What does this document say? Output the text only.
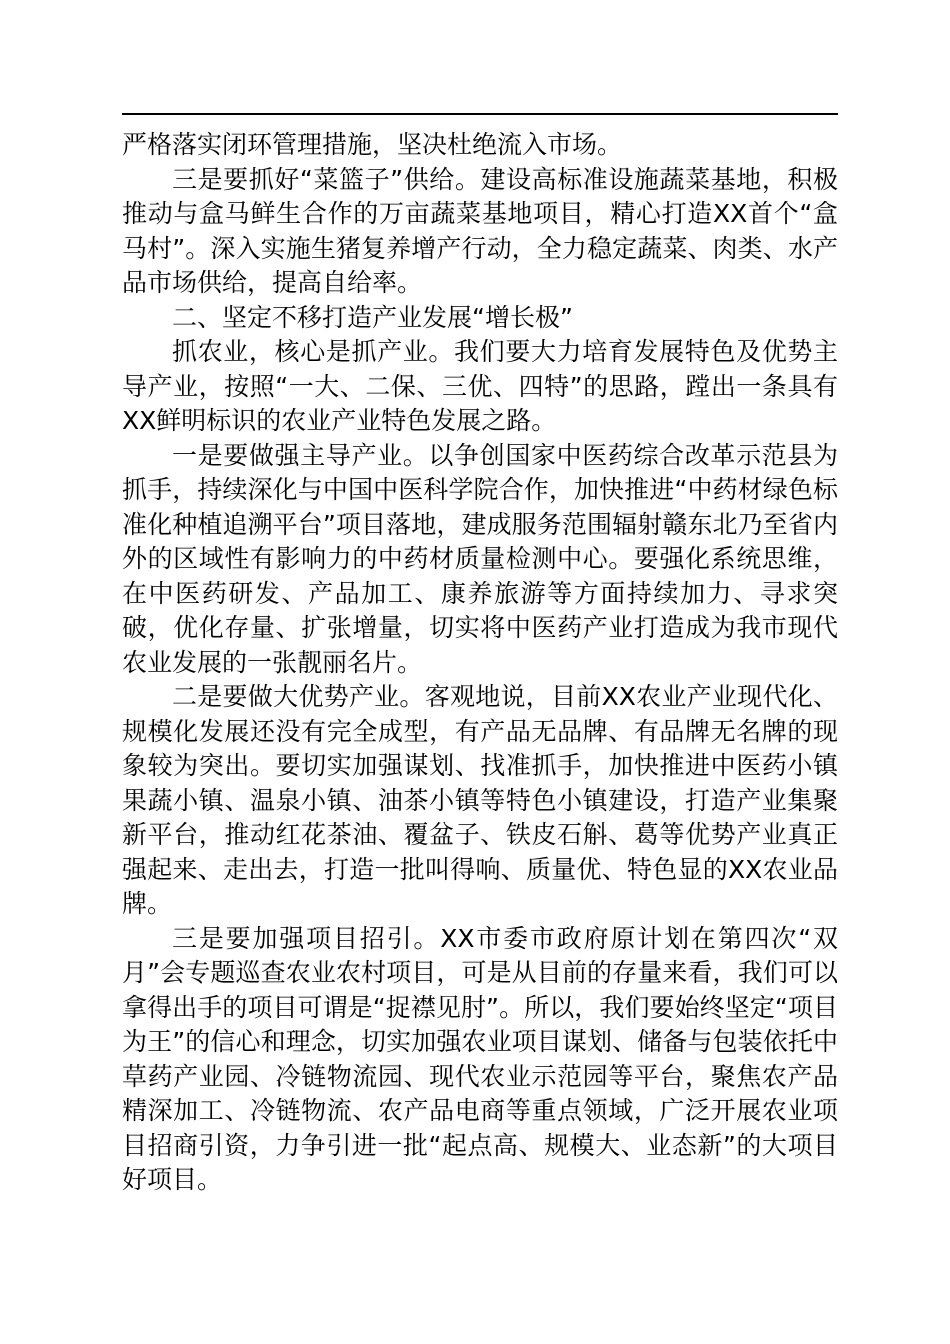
严格落实闭环管理措施，坚决杜绝流入市场。

三是要抓好“菜篮子”供给。建设高标准设施蔬菜基地，积极推动与盒马鲜生合作的万亩蔬菜基地项目，精心打造XX首个“盒马村”。深入实施生猪复养增产行动，全力稳定蔬菜、肉类、水产品市场供给，提高自给率。

二、坚定不移打造产业发展“增长极”

抓农业，核心是抓产业。我们要大力培育发展特色及优势主导产业，按照“一大、二保、三优、四特”的思路，蹚出一条具有XX鲜明标识的农业产业特色发展之路。

一是要做强主导产业。以争创国家中医药综合改革示范县为抓手，持续深化与中国中医科学院合作，加快推进“中药材绿色标准化种植追溯平台”项目落地，建成服务范围辐射赣东北乃至省内外的区域性有影响力的中药材质量检测中心。要强化系统思维，在中医药研发、产品加工、康养旅游等方面持续加力、寻求突破，优化存量、扩张增量，切实将中医药产业打造成为我市现代农业发展的一张靓丽名片。

二是要做大优势产业。客观地说，目前XX农业产业现代化、规模化发展还没有完全成型，有产品无品牌、有品牌无名牌的现象较为突出。要切实加强谋划、找准抓手，加快推进中医药小镇果蔬小镇、温泉小镇、油茶小镇等特色小镇建设，打造产业集聚新平台，推动红花茶油、覆盆子、铁皮石斛、葛等优势产业真正强起来、走出去，打造一批叫得响、质量优、特色显的XX农业品牌。

三是要加强项目招引。XX市委市政府原计划在第四次“双月”会专题巡查农业农村项目，可是从目前的存量来看，我们可以拿得出手的项目可谓是“捉襟见肘”。所以，我们要始终坚定“项目为王”的信心和理念，切实加强农业项目谋划、储备与包装依托中草药产业园、冷链物流园、现代农业示范园等平台，聚焦农产品精深加工、冷链物流、农产品电商等重点领域，广泛开展农业项目招商引资，力争引进一批“起点高、规模大、业态新”的大项目好项目。
